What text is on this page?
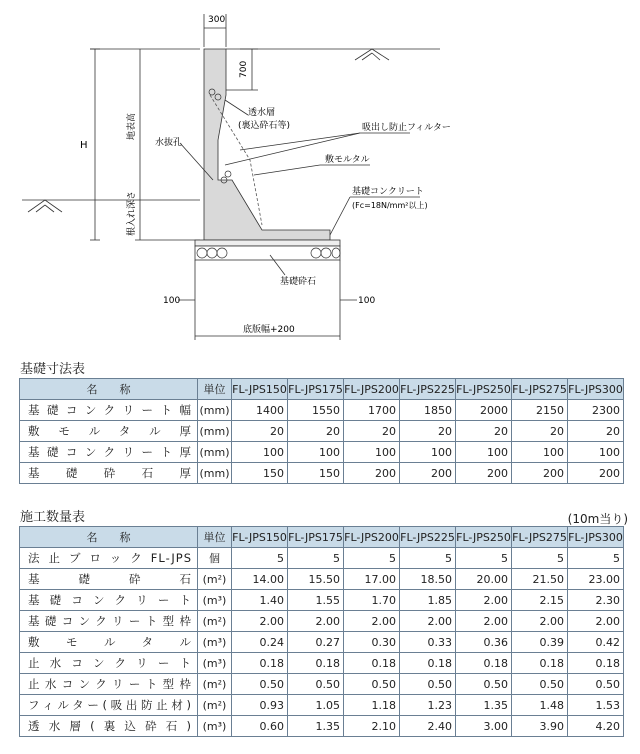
300
700
H
地表高
根入れ深さ
透水層
(裏込砕石等)	吸出し防止フィルター
水抜孔
敷モルタル
基礎コンクリート
(Fc=18N/mm²以上)
基礎砕石
100	100
底版幅+200
基礎寸法表
名　　称	単位	FL-JPS150	FL-JPS175	FL-JPS200	FL-JPS225	FL-JPS250	FL-JPS275	FL-JPS300
基礎コンクリート幅	(mm)	1400	1550	1700	1850	2000	2150	2300
敷モルタル厚	(mm)	20	20	20	20	20	20	20
基礎コンクリート厚	(mm)	100	100	100	100	100	100	100
基礎砕石厚	(mm)	150	150	200	200	200	200	200
施工数量表	(10m当り)
名　　称	単位	FL-JPS150	FL-JPS175	FL-JPS200	FL-JPS225	FL-JPS250	FL-JPS275	FL-JPS300
法止ブロックFL-JPS	個	5	5	5	5	5	5	5
基礎砕石	(m²)	14.00	15.50	17.00	18.50	20.00	21.50	23.00
基礎コンクリート	(m³)	1.40	1.55	1.70	1.85	2.00	2.15	2.30
基礎コンクリート型枠	(m²)	2.00	2.00	2.00	2.00	2.00	2.00	2.00
敷モルタル	(m³)	0.24	0.27	0.30	0.33	0.36	0.39	0.42
止水コンクリート	(m³)	0.18	0.18	0.18	0.18	0.18	0.18	0.18
止水コンクリート型枠	(m²)	0.50	0.50	0.50	0.50	0.50	0.50	0.50
フィルター(吸出防止材)	(m²)	0.93	1.05	1.18	1.23	1.35	1.48	1.53
透水層(裏込砕石)	(m³)	0.60	1.35	2.10	2.40	3.00	3.90	4.20
